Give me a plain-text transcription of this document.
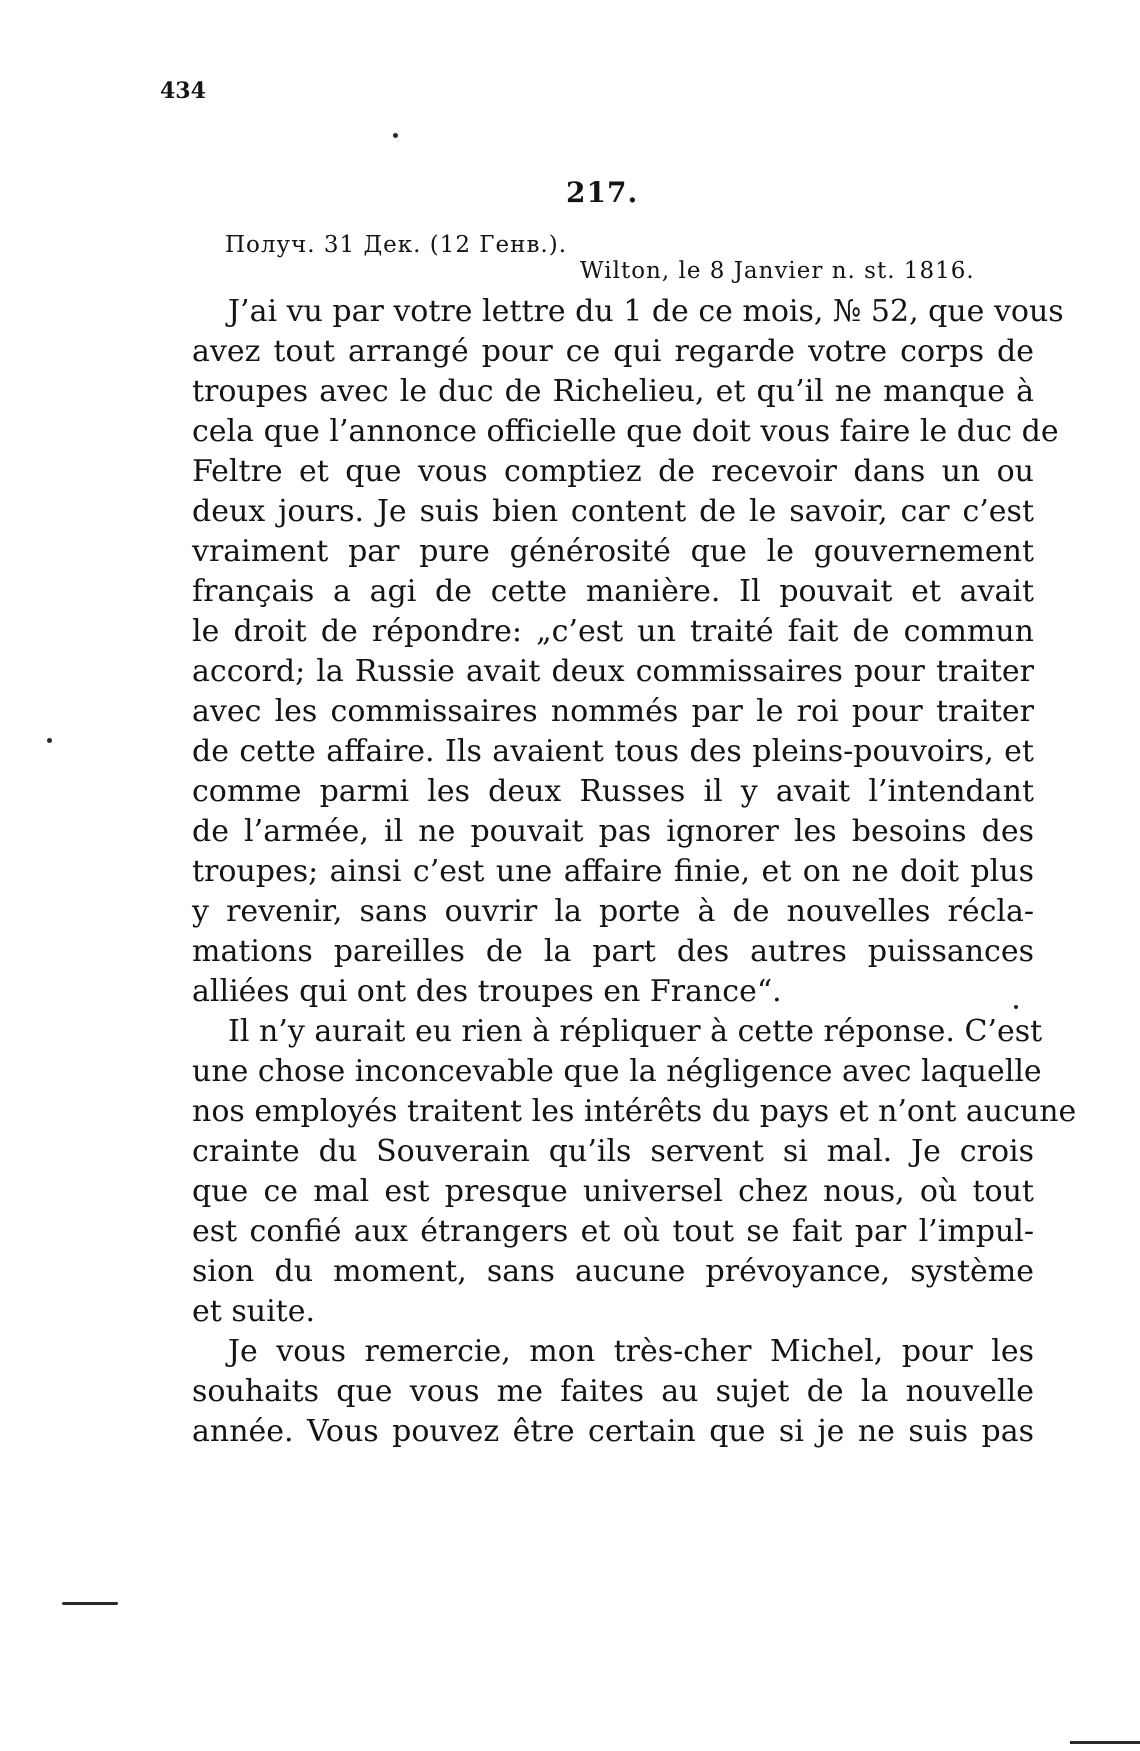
434
217.
Получ. 31 Дек. (12 Генв.).
Wilton, le 8 Janvier n. st. 1816.
J’ai vu par votre lettre du 1 de ce mois, № 52, que vous
avez tout arrangé pour ce qui regarde votre corps de
troupes avec le duc de Richelieu, et qu’il ne manque à
cela que l’annonce officielle que doit vous faire le duc de
Feltre et que vous comptiez de recevoir dans un ou
deux jours. Je suis bien content de le savoir, car c’est
vraiment par pure générosité que le gouvernement
français a agi de cette manière. Il pouvait et avait
le droit de répondre: „c’est un traité fait de commun
accord; la Russie avait deux commissaires pour traiter
avec les commissaires nommés par le roi pour traiter
de cette affaire. Ils avaient tous des pleins-pouvoirs, et
comme parmi les deux Russes il y avait l’intendant
de l’armée, il ne pouvait pas ignorer les besoins des
troupes; ainsi c’est une affaire finie, et on ne doit plus
y revenir, sans ouvrir la porte à de nouvelles récla-
mations pareilles de la part des autres puissances
alliées qui ont des troupes en France“.
Il n’y aurait eu rien à répliquer à cette réponse. C’est
une chose inconcevable que la négligence avec laquelle
nos employés traitent les intérêts du pays et n’ont aucune
crainte du Souverain qu’ils servent si mal. Je crois
que ce mal est presque universel chez nous, où tout
est confié aux étrangers et où tout se fait par l’impul-
sion du moment, sans aucune prévoyance, système
et suite.
Je vous remercie, mon très-cher Michel, pour les
souhaits que vous me faites au sujet de la nouvelle
année. Vous pouvez être certain que si je ne suis pas
